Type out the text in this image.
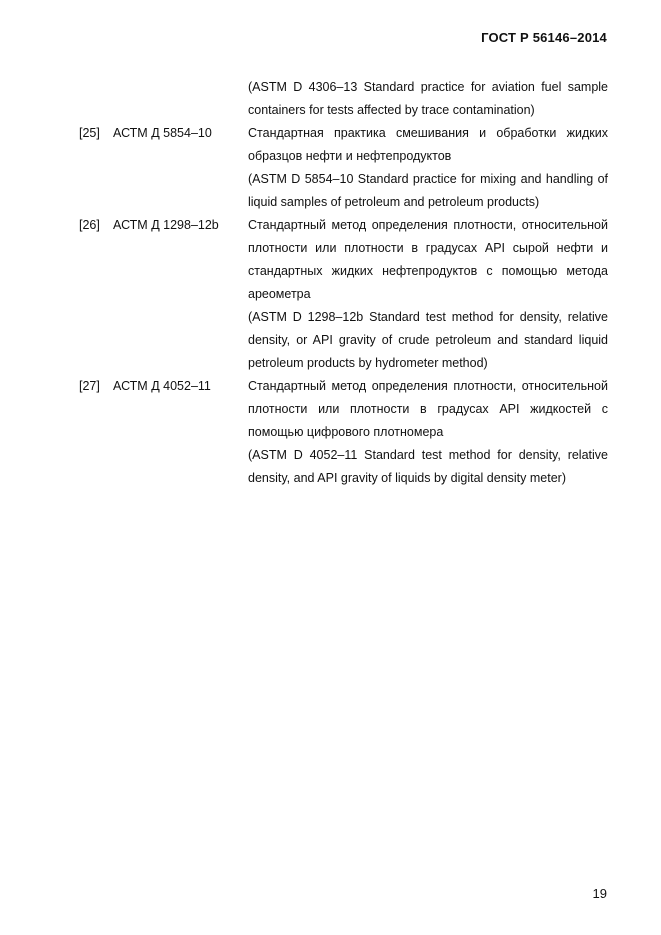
ГОСТ Р 56146–2014
(ASTM D 4306–13 Standard practice for aviation fuel sample containers for tests affected by trace contamination)
[25] АСТМ Д 5854–10	Стандартная практика смешивания и обработки жидких образцов нефти и нефтепродуктов
(ASTM D 5854–10 Standard practice for mixing and handling of liquid samples of petroleum and petroleum products)
[26] АСТМ Д 1298–12b Стандартный метод определения плотности, относительной плотности или плотности в градусах API сырой нефти и стандартных жидких нефтепродуктов с помощью метода ареометра
(ASTM D 1298–12b Standard test method for density, relative density, or API gravity of crude petroleum and standard liquid petroleum products by hydrometer method)
[27] АСТМ Д 4052–11	Стандартный метод определения плотности, относительной плотности или плотности в градусах API жидкостей с помощью цифрового плотномера
(ASTM D 4052–11 Standard test method for density, relative density, and API gravity of liquids by digital density meter)
19
